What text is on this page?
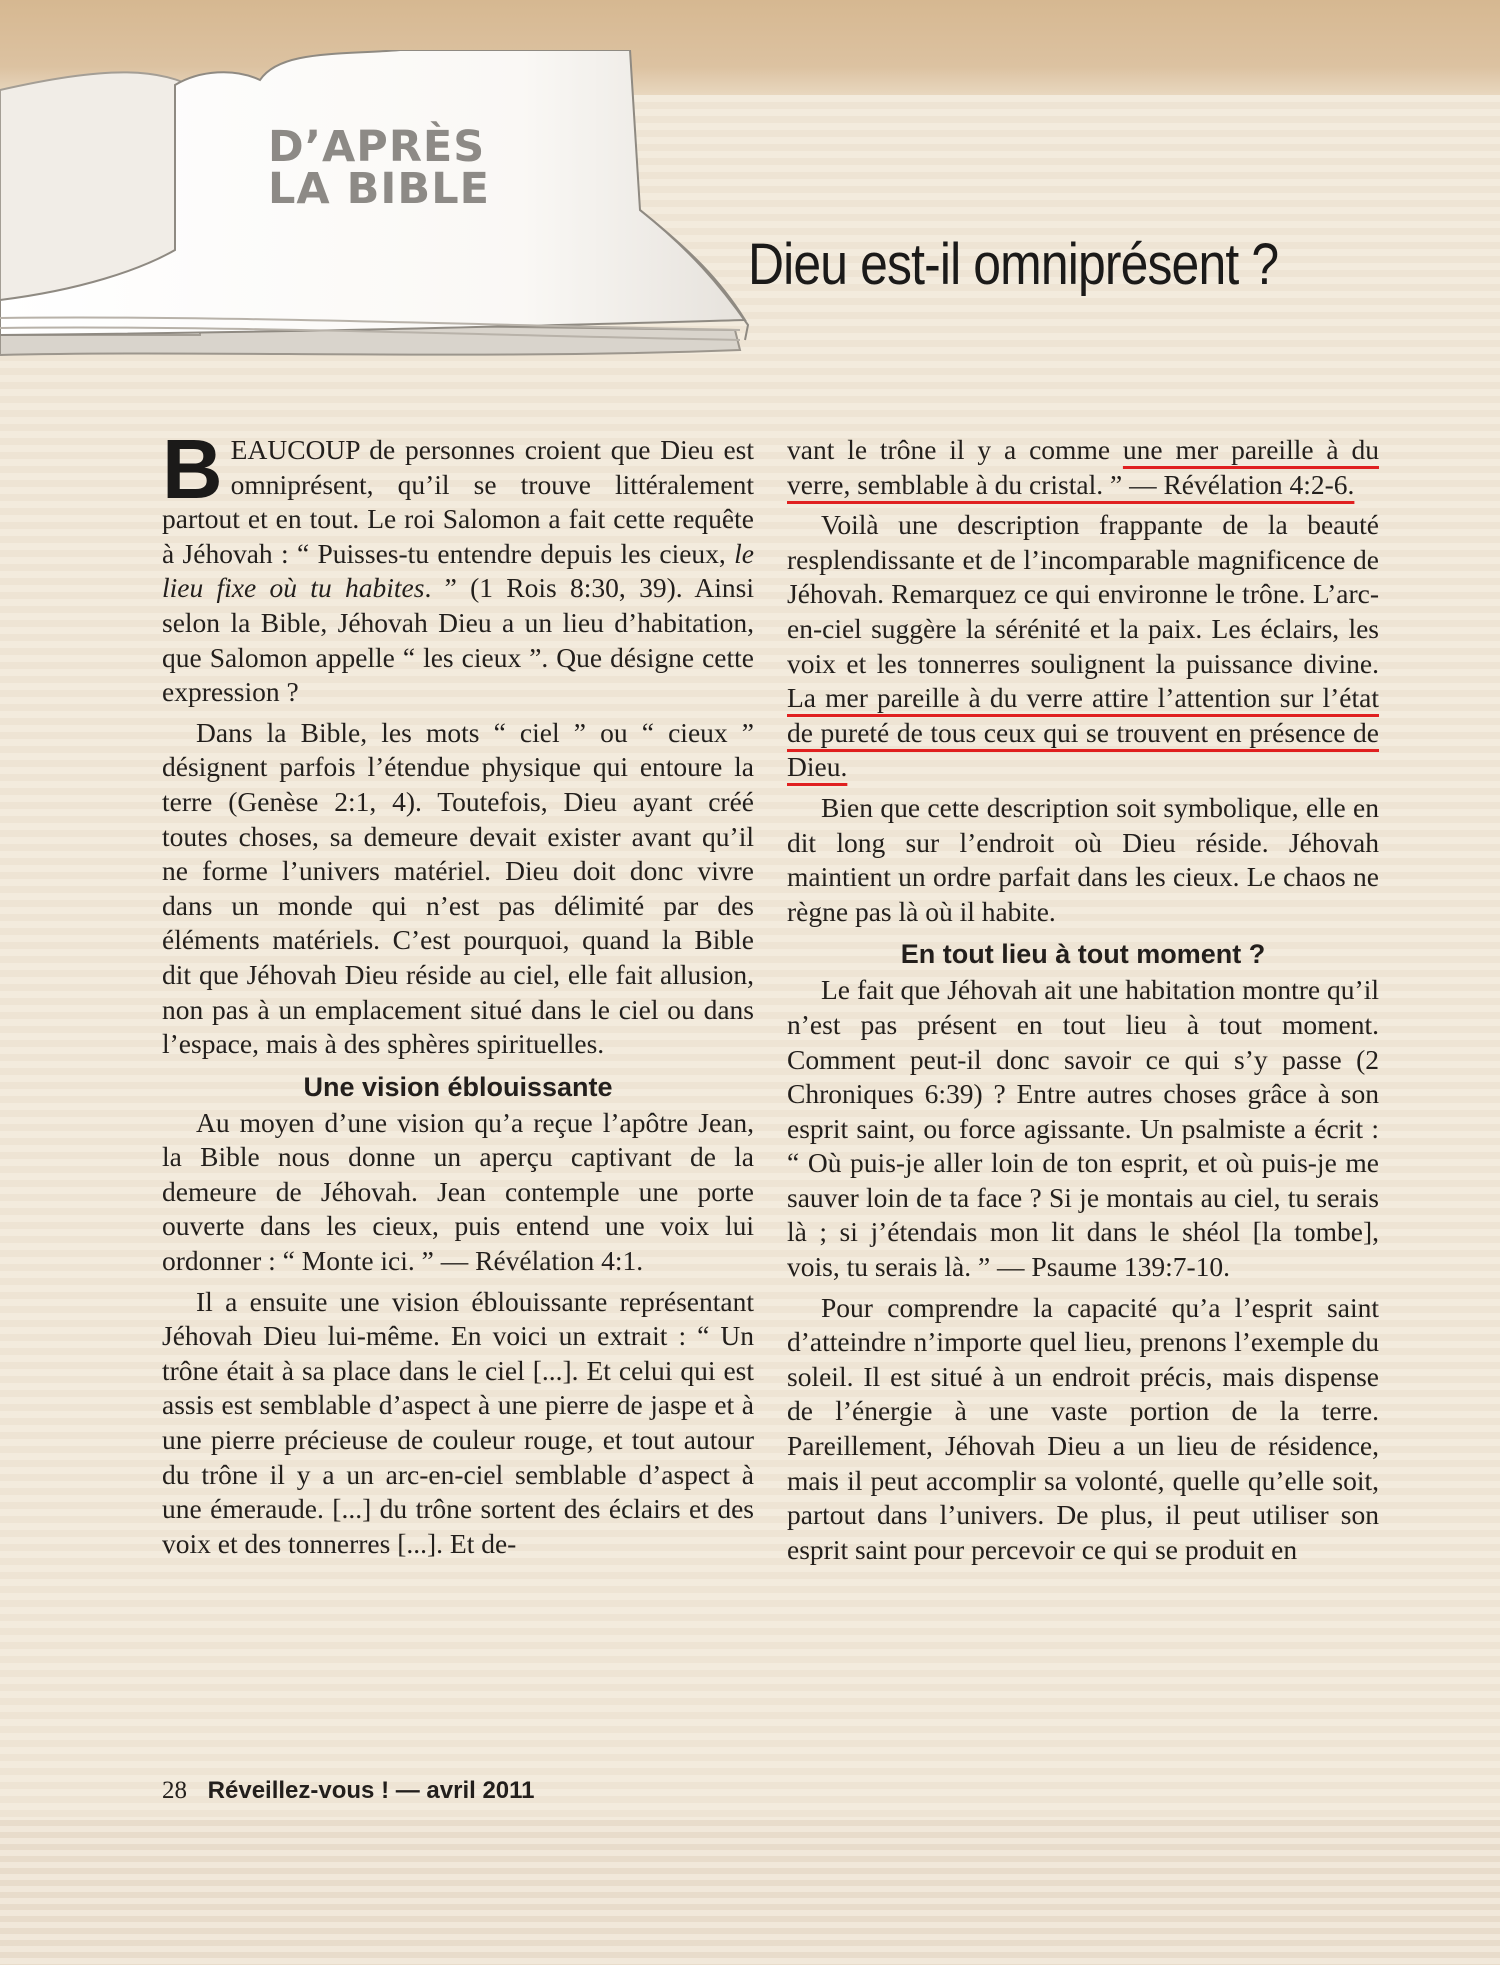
D’APRÈS
LA BIBLE
Dieu est-il omniprésent ?

BEAUCOUP de personnes croient que Dieu est omniprésent, qu’il se trouve littéralement partout et en tout. Le roi Salomon a fait cette requête à Jéhovah : “ Puisses-tu entendre depuis les cieux, le lieu fixe où tu habites. ” (1 Rois 8:30, 39). Ainsi selon la Bible, Jéhovah Dieu a un lieu d’habitation, que Salomon appelle “ les cieux ”. Que désigne cette expression ?

Dans la Bible, les mots “ ciel ” ou “ cieux ” désignent parfois l’étendue physique qui entoure la terre (Genèse 2:1, 4). Toutefois, Dieu ayant créé toutes choses, sa demeure devait exister avant qu’il ne forme l’univers matériel. Dieu doit donc vivre dans un monde qui n’est pas délimité par des éléments matériels. C’est pourquoi, quand la Bible dit que Jéhovah Dieu réside au ciel, elle fait allusion, non pas à un emplacement situé dans le ciel ou dans l’espace, mais à des sphères spirituelles.

Une vision éblouissante

Au moyen d’une vision qu’a reçue l’apôtre Jean, la Bible nous donne un aperçu captivant de la demeure de Jéhovah. Jean contemple une porte ouverte dans les cieux, puis entend une voix lui ordonner : “ Monte ici. ” — Révélation 4:1.

Il a ensuite une vision éblouissante représentant Jéhovah Dieu lui-même. En voici un extrait : “ Un trône était à sa place dans le ciel [...]. Et celui qui est assis est semblable d’aspect à une pierre de jaspe et à une pierre précieuse de couleur rouge, et tout autour du trône il y a un arc-en-ciel semblable d’aspect à une émeraude. [...] du trône sortent des éclairs et des voix et des tonnerres [...]. Et de-

vant le trône il y a comme une mer pareille à du verre, semblable à du cristal. ” — Révélation 4:2-6.

Voilà une description frappante de la beauté resplendissante et de l’incomparable magnificence de Jéhovah. Remarquez ce qui environne le trône. L’arc-en-ciel suggère la sérénité et la paix. Les éclairs, les voix et les tonnerres soulignent la puissance divine. La mer pareille à du verre attire l’attention sur l’état de pureté de tous ceux qui se trouvent en présence de Dieu.

Bien que cette description soit symbolique, elle en dit long sur l’endroit où Dieu réside. Jéhovah maintient un ordre parfait dans les cieux. Le chaos ne règne pas là où il habite.

En tout lieu à tout moment ?

Le fait que Jéhovah ait une habitation montre qu’il n’est pas présent en tout lieu à tout moment. Comment peut-il donc savoir ce qui s’y passe (2 Chroniques 6:39) ? Entre autres choses grâce à son esprit saint, ou force agissante. Un psalmiste a écrit : “ Où puis-je aller loin de ton esprit, et où puis-je me sauver loin de ta face ? Si je montais au ciel, tu serais là ; si j’étendais mon lit dans le shéol [la tombe], vois, tu serais là. ” — Psaume 139:7-10.

Pour comprendre la capacité qu’a l’esprit saint d’atteindre n’importe quel lieu, prenons l’exemple du soleil. Il est situé à un endroit précis, mais dispense de l’énergie à une vaste portion de la terre. Pareillement, Jéhovah Dieu a un lieu de résidence, mais il peut accomplir sa volonté, quelle qu’elle soit, partout dans l’univers. De plus, il peut utiliser son esprit saint pour percevoir ce qui se produit en

28 Réveillez-vous ! — avril 2011
